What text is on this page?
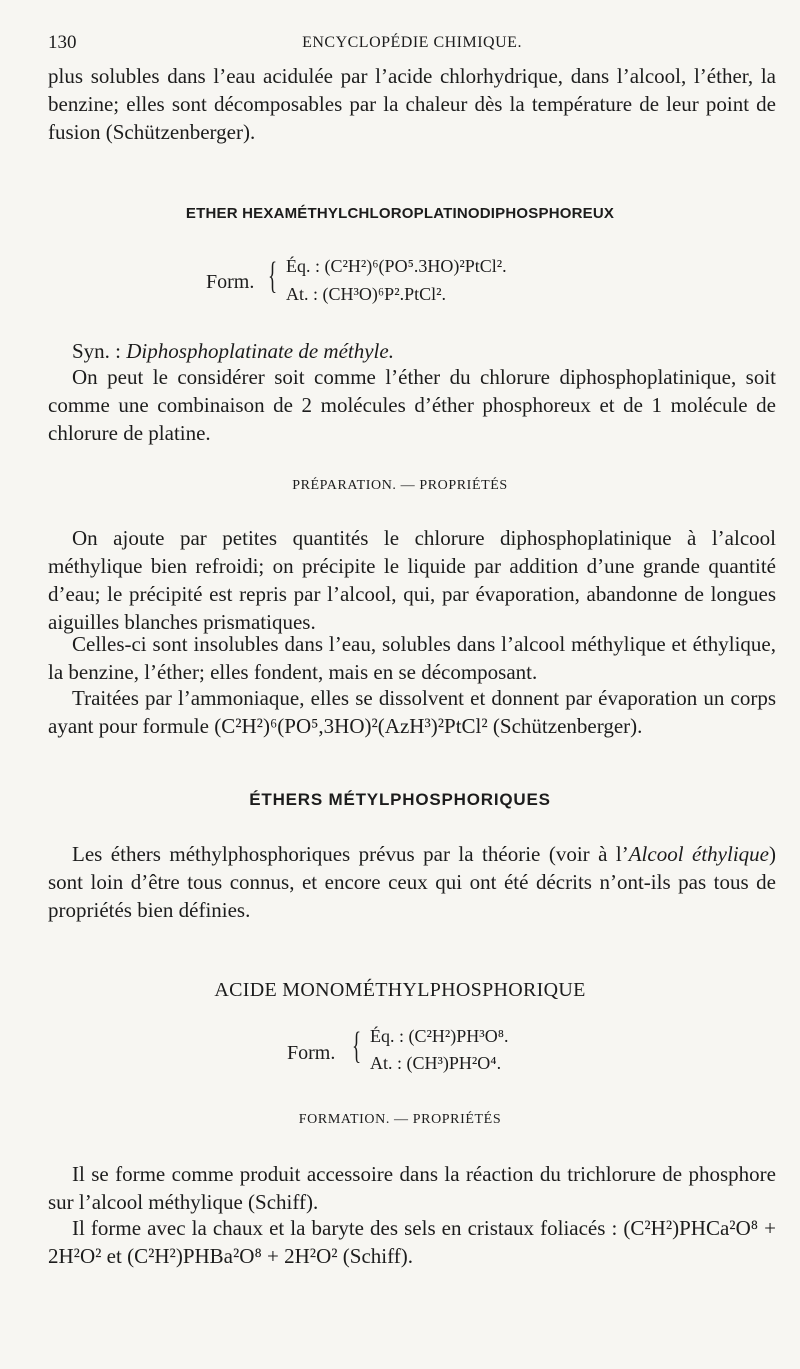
130	ENCYCLOPÉDIE CHIMIQUE.

plus solubles dans l’eau acidulée par l’acide chlorhydrique, dans l’alcool, l’éther, la benzine; elles sont décomposables par la chaleur dès la température de leur point de fusion (Schützenberger).

ETHER HEXAMÉTHYLCHLOROPLATINODIPHOSPHOREUX

Form. { Éq. : (C²H²)⁶(PO⁵.3HO)²PtCl².
At. : (CH³O)⁶P².PtCl².

Syn. : Diphosphoplatinate de méthyle.

On peut le considérer soit comme l’éther du chlorure diphosphoplatinique, soit comme une combinaison de 2 molécules d’éther phosphoreux et de 1 molécule de chlorure de platine.

PRÉPARATION. — PROPRIÉTÉS

On ajoute par petites quantités le chlorure diphosphoplatinique à l’alcool méthylique bien refroidi; on précipite le liquide par addition d’une grande quantité d’eau; le précipité est repris par l’alcool, qui, par évaporation, abandonne de longues aiguilles blanches prismatiques.

Celles-ci sont insolubles dans l’eau, solubles dans l’alcool méthylique et éthylique, la benzine, l’éther; elles fondent, mais en se décomposant.

Traitées par l’ammoniaque, elles se dissolvent et donnent par évaporation un corps ayant pour formule (C²H²)⁶(PO⁵,3HO)²(AzH³)²PtCl² (Schützenberger).

ÉTHERS MÉTYLPHOSPHORIQUES

Les éthers méthylphosphoriques prévus par la théorie (voir à l’Alcool éthylique) sont loin d’être tous connus, et encore ceux qui ont été décrits n’ont-ils pas tous de propriétés bien définies.

ACIDE MONOMÉTHYLPHOSPHORIQUE

Form. { Éq. : (C²H²)PH³O⁸.
At. : (CH³)PH²O⁴.

FORMATION. — PROPRIÉTÉS

Il se forme comme produit accessoire dans la réaction du trichlorure de phosphore sur l’alcool méthylique (Schiff).

Il forme avec la chaux et la baryte des sels en cristaux foliacés : (C²H²)PHCa²O⁸ + 2H²O² et (C²H²)PHBa²O⁸ + 2H²O² (Schiff).
